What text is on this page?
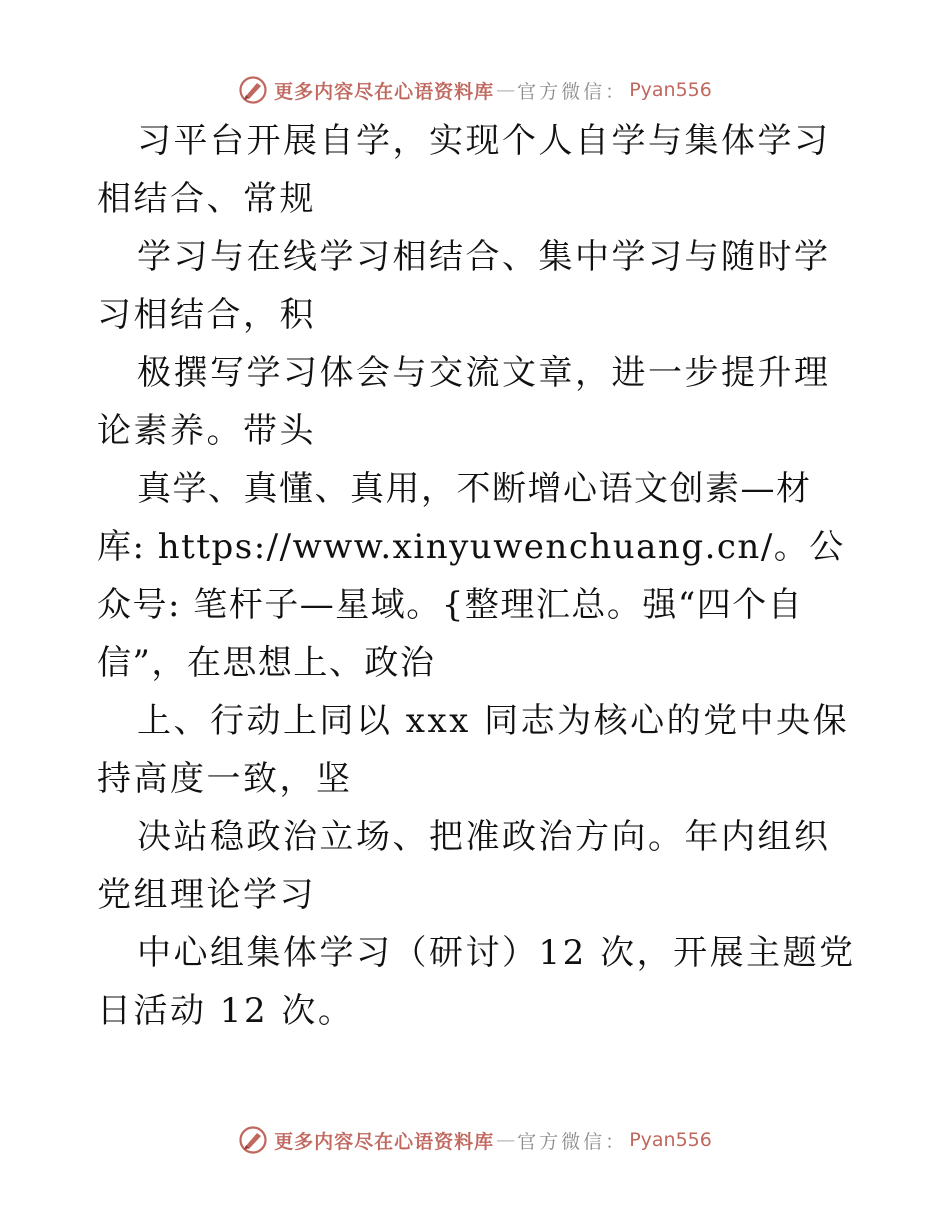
更多内容尽在心语资料库 — 官方微信： Pyan556

习平台开展自学，实现个人自学与集体学习相结合、常规

学习与在线学习相结合、集中学习与随时学习相结合，积

极撰写学习体会与交流文章，进一步提升理论素养。带头

真学、真懂、真用，不断增心语文创素—材库: https://www.xinyuwenchuang.cn/。公众号: 笔杆子—星域。{整理汇总。强“四个自信”，在思想上、政治

上、行动上同以 xxx 同志为核心的党中央保持高度一致，坚

决站稳政治立场、把准政治方向。年内组织党组理论学习

中心组集体学习（研讨）12 次，开展主题党日活动 12 次。

更多内容尽在心语资料库 — 官方微信： Pyan556
